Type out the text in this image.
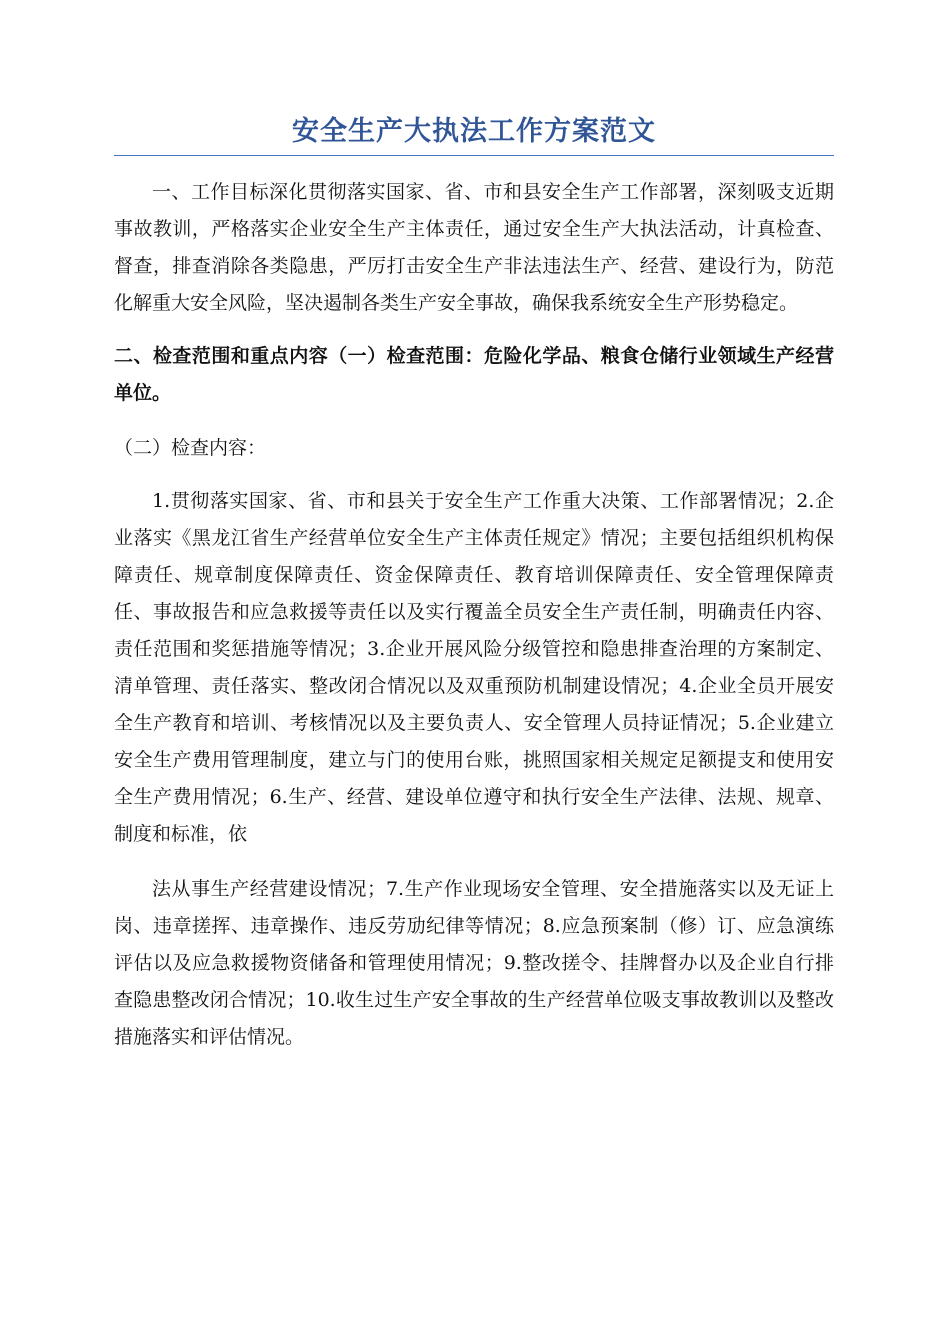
安全生产大执法工作方案范文

一、工作目标深化贯彻落实国家、省、市和县安全生产工作部署，深刻吸支近期事故教训，严格落实企业安全生产主体责任，通过安全生产大执法活动，计真检查、督查，排查消除各类隐患，严厉打击安全生产非法违法生产、经营、建设行为，防范化解重大安全风险，坚决遏制各类生产安全事故，确保我系统安全生产形势稳定。

二、检查范围和重点内容（一）检查范围：危险化学品、粮食仓储行业领域生产经营单位。

（二）检查内容：

1.贯彻落实国家、省、市和县关于安全生产工作重大决策、工作部署情况；2.企业落实《黑龙江省生产经营单位安全生产主体责任规定》情况；主要包括组织机构保障责任、规章制度保障责任、资金保障责任、教育培训保障责任、安全管理保障责任、事故报告和应急救援等责任以及实行覆盖全员安全生产责任制，明确责任内容、责任范围和奖惩措施等情况；3.企业开展风险分级管控和隐患排查治理的方案制定、清单管理、责任落实、整改闭合情况以及双重预防机制建设情况；4.企业全员开展安全生产教育和培训、考核情况以及主要负责人、安全管理人员持证情况；5.企业建立安全生产费用管理制度，建立与门的使用台账，挑照国家相关规定足额提支和使用安全生产费用情况；6.生产、经营、建设单位遵守和执行安全生产法律、法规、规章、制度和标准，依

法从事生产经营建设情况；7.生产作业现场安全管理、安全措施落实以及无证上岗、违章搓挥、违章操作、违反劳劢纪律等情况；8.应急预案制（修）订、应急演练评估以及应急救援物资储备和管理使用情况；9.整改搓令、挂牌督办以及企业自行排查隐患整改闭合情况；10.收生过生产安全事故的生产经营单位吸支事故教训以及整改措施落实和评估情况。
